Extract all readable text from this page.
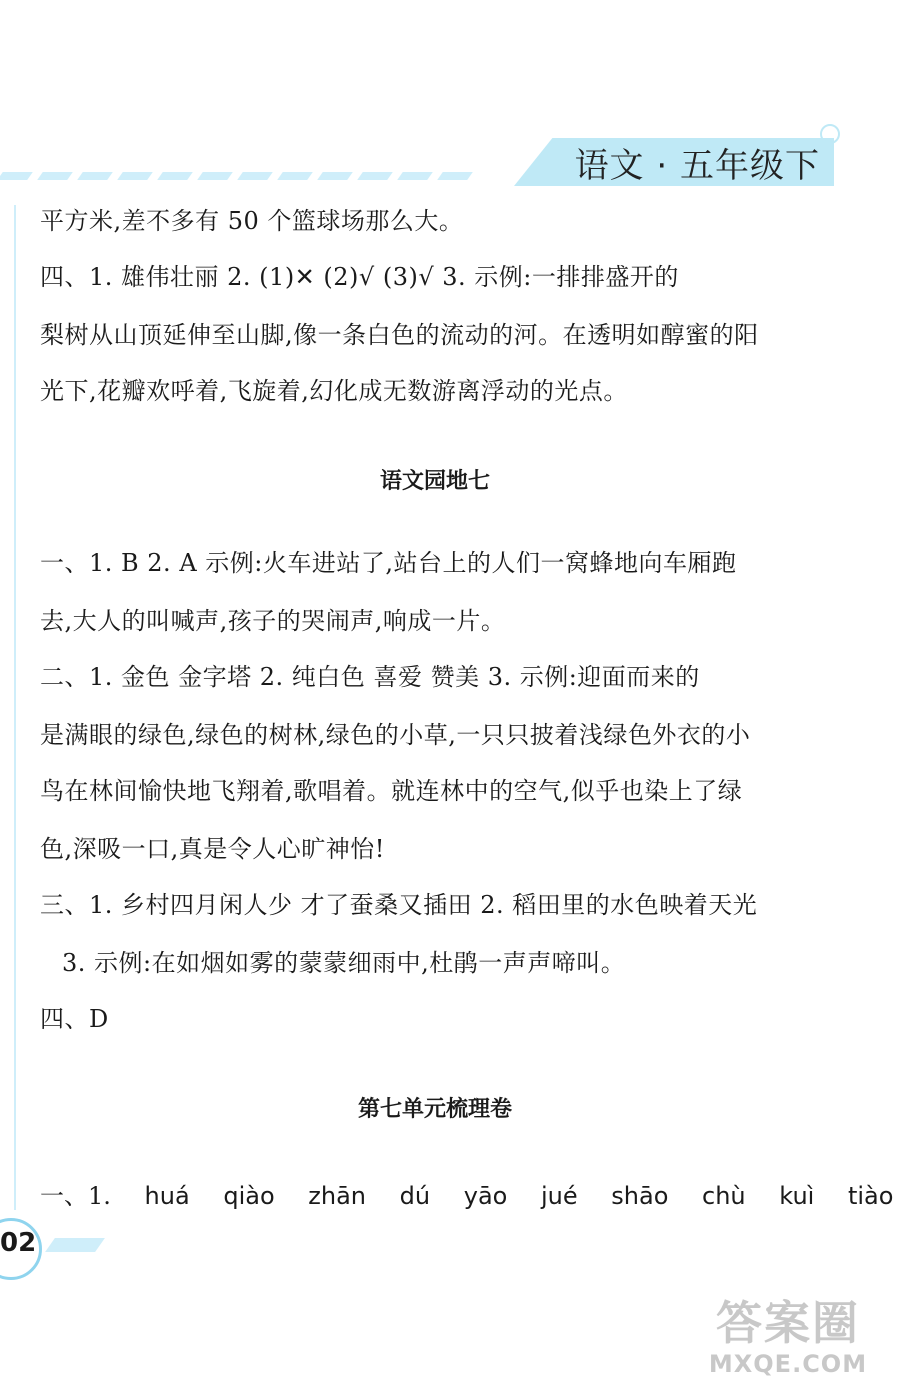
语文 · 五年级下
平方米,差不多有 50 个篮球场那么大。
四、1. 雄伟壮丽 2. (1)✕ (2)√ (3)√ 3. 示例:一排排盛开的
梨树从山顶延伸至山脚,像一条白色的流动的河。在透明如醇蜜的阳
光下,花瓣欢呼着,飞旋着,幻化成无数游离浮动的光点。
语文园地七
一、1. B 2. A 示例:火车进站了,站台上的人们一窝蜂地向车厢跑
去,大人的叫喊声,孩子的哭闹声,响成一片。
二、1. 金色 金字塔 2. 纯白色 喜爱 赞美 3. 示例:迎面而来的
是满眼的绿色,绿色的树林,绿色的小草,一只只披着浅绿色外衣的小
鸟在林间愉快地飞翔着,歌唱着。就连林中的空气,似乎也染上了绿
色,深吸一口,真是令人心旷神怡!
三、1. 乡村四月闲人少 才了蚕桑又插田 2. 稻田里的水色映着天光
3. 示例:在如烟如雾的蒙蒙细雨中,杜鹃一声声啼叫。
四、D
第七单元梳理卷
一、1. huá qiào zhān dú yāo jué shāo chù kuì tiào
02
答案圈
MXQE.COM
